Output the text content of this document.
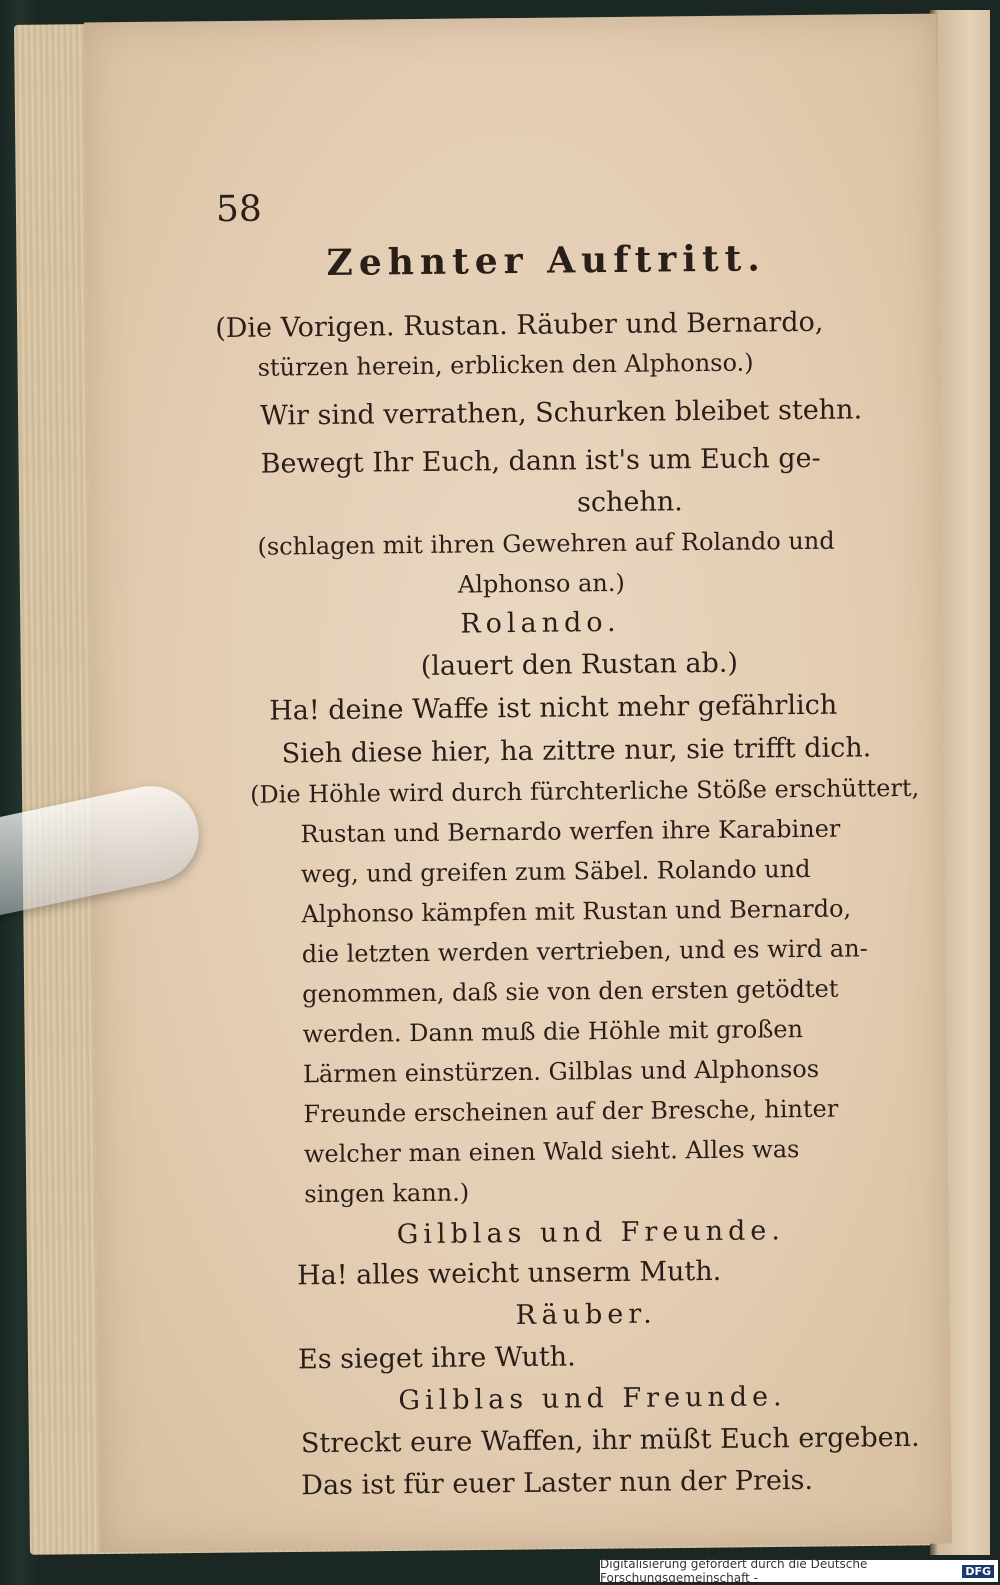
58
Zehnter Auftritt.
(Die Vorigen. Rustan. Räuber und Bernardo,
stürzen herein, erblicken den Alphonso.)
Wir sind verrathen, Schurken bleibet stehn.
Bewegt Ihr Euch, dann ist's um Euch ge-
schehn.
(schlagen mit ihren Gewehren auf Rolando und
Alphonso an.)
Rolando.
(lauert den Rustan ab.)
Ha! deine Waffe ist nicht mehr gefährlich
Sieh diese hier, ha zittre nur, sie trifft dich.
(Die Höhle wird durch fürchterliche Stöße erschüttert,
Rustan und Bernardo werfen ihre Karabiner
weg, und greifen zum Säbel. Rolando und
Alphonso kämpfen mit Rustan und Bernardo,
die letzten werden vertrieben, und es wird an-
genommen, daß sie von den ersten getödtet
werden. Dann muß die Höhle mit großen
Lärmen einstürzen. Gilblas und Alphonsos
Freunde erscheinen auf der Bresche, hinter
welcher man einen Wald sieht. Alles was
singen kann.)
Gilblas und Freunde.
Ha! alles weicht unserm Muth.
Räuber.
Es sieget ihre Wuth.
Gilblas und Freunde.
Streckt eure Waffen, ihr müßt Euch ergeben.
Das ist für euer Laster nun der Preis.
Digitalisierung gefördert durch die Deutsche Forschungsgemeinschaft -	DFG
